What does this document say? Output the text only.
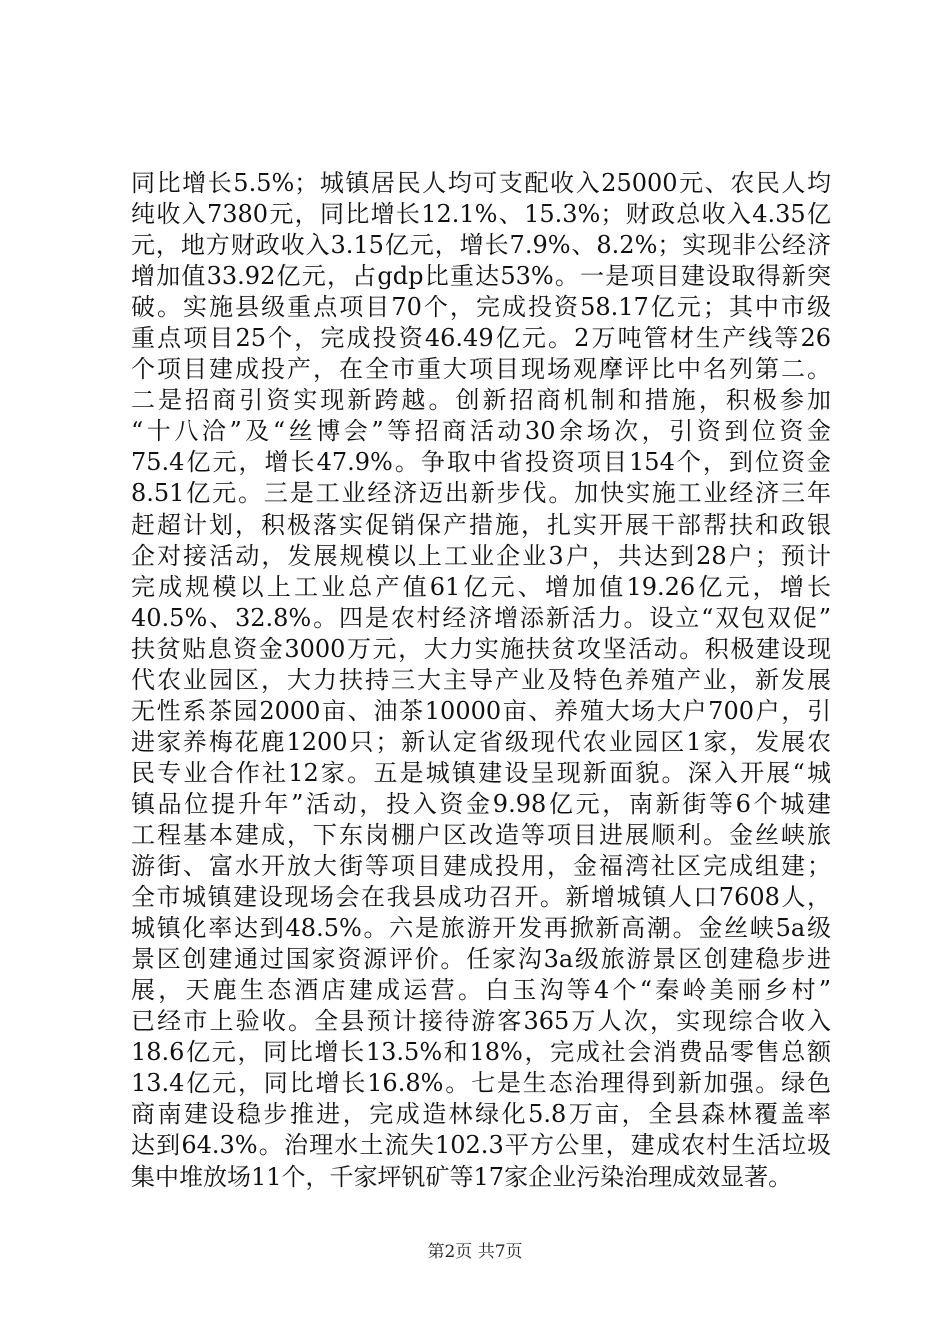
同比增长5.5%；城镇居民人均可支配收入25000元、农民人均
纯收入7380元，同比增长12.1%、15.3%；财政总收入4.35亿
元，地方财政收入3.15亿元，增长7.9%、8.2%；实现非公经济
增加值33.92亿元，占gdp比重达53%。一是项目建设取得新突
破。实施县级重点项目70个，完成投资58.17亿元；其中市级
重点项目25个，完成投资46.49亿元。2万吨管材生产线等26
个项目建成投产，在全市重大项目现场观摩评比中名列第二。
二是招商引资实现新跨越。创新招商机制和措施，积极参加
“十八洽”及“丝博会”等招商活动30余场次，引资到位资金
75.4亿元，增长47.9%。争取中省投资项目154个，到位资金
8.51亿元。三是工业经济迈出新步伐。加快实施工业经济三年
赶超计划，积极落实促销保产措施，扎实开展干部帮扶和政银
企对接活动，发展规模以上工业企业3户，共达到28户；预计
完成规模以上工业总产值61亿元、增加值19.26亿元，增长
40.5%、32.8%。四是农村经济增添新活力。设立“双包双促”
扶贫贴息资金3000万元，大力实施扶贫攻坚活动。积极建设现
代农业园区，大力扶持三大主导产业及特色养殖产业，新发展
无性系茶园2000亩、油茶10000亩、养殖大场大户700户，引
进家养梅花鹿1200只；新认定省级现代农业园区1家，发展农
民专业合作社12家。五是城镇建设呈现新面貌。深入开展“城
镇品位提升年”活动，投入资金9.98亿元，南新街等6个城建
工程基本建成，下东岗棚户区改造等项目进展顺利。金丝峡旅
游街、富水开放大街等项目建成投用，金福湾社区完成组建；
全市城镇建设现场会在我县成功召开。新增城镇人口7608人，
城镇化率达到48.5%。六是旅游开发再掀新高潮。金丝峡5a级
景区创建通过国家资源评价。任家沟3a级旅游景区创建稳步进
展，天鹿生态酒店建成运营。白玉沟等4个“秦岭美丽乡村”
已经市上验收。全县预计接待游客365万人次，实现综合收入
18.6亿元，同比增长13.5%和18%，完成社会消费品零售总额
13.4亿元，同比增长16.8%。七是生态治理得到新加强。绿色
商南建设稳步推进，完成造林绿化5.8万亩，全县森林覆盖率
达到64.3%。治理水土流失102.3平方公里，建成农村生活垃圾
集中堆放场11个，千家坪钒矿等17家企业污染治理成效显著。
第2页 共7页
